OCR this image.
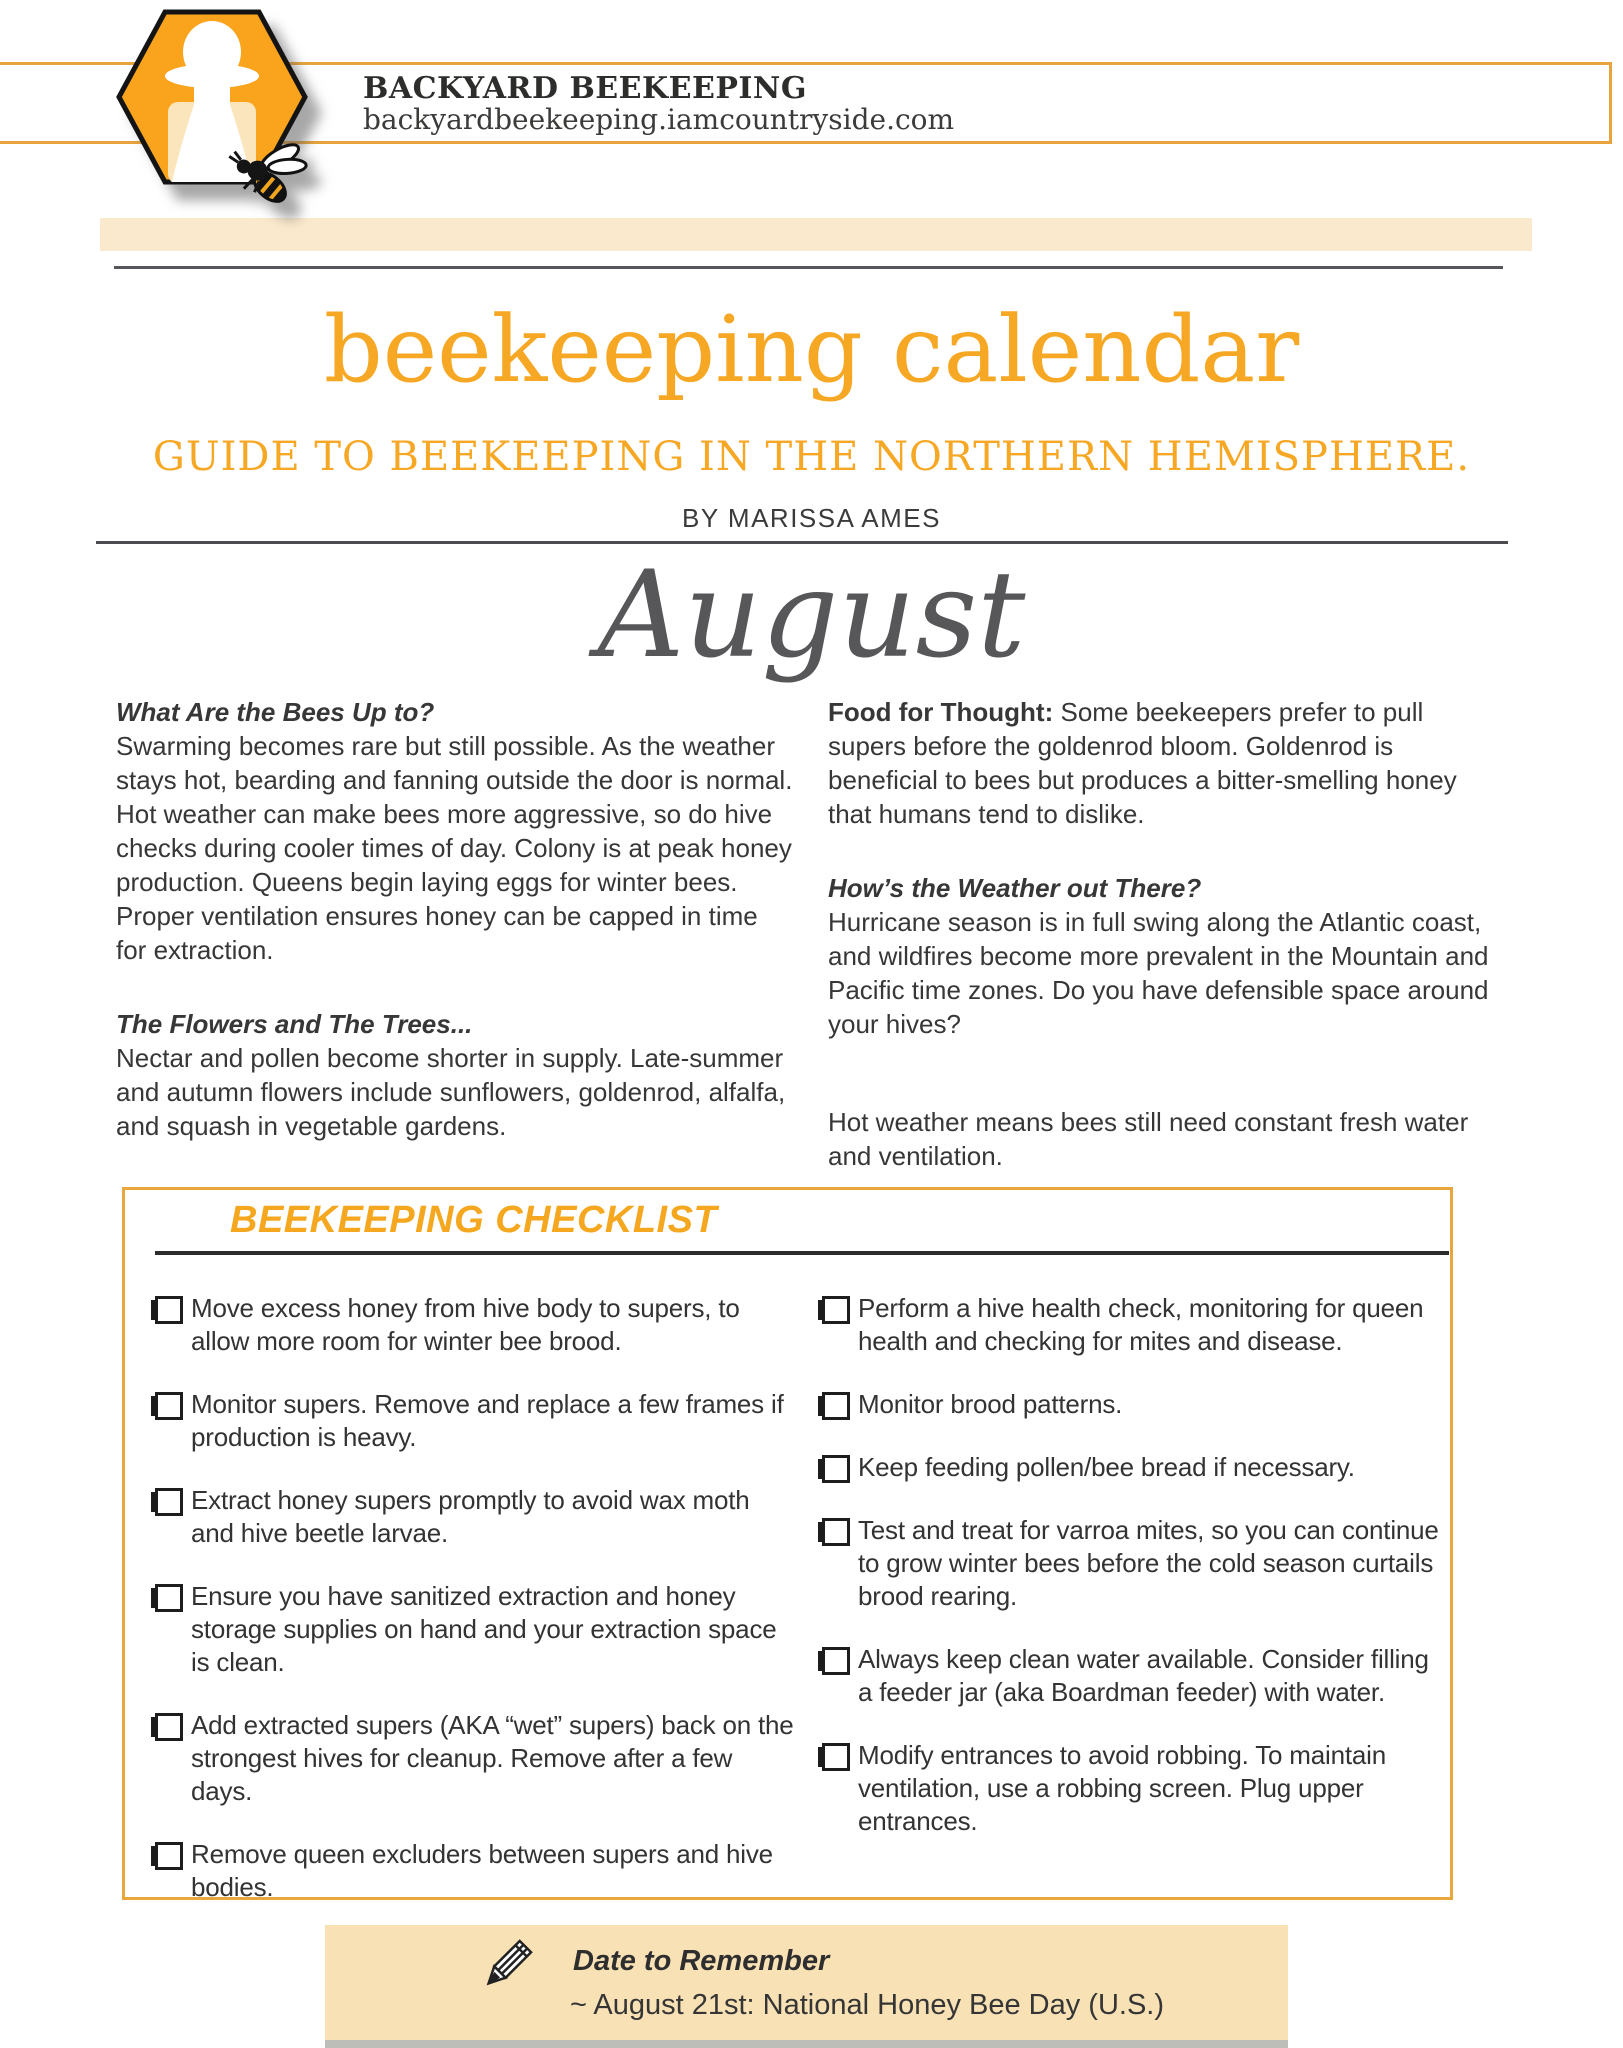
BACKYARD BEEKEEPING
backyardbeekeeping.iamcountryside.com
beekeeping calendar
GUIDE TO BEEKEEPING IN THE NORTHERN HEMISPHERE.
BY MARISSA AMES
August
What Are the Bees Up to?

Swarming becomes rare but still possible. As the weather stays hot, bearding and fanning outside the door is normal. Hot weather can make bees more aggressive, so do hive checks during cooler times of day. Colony is at peak honey production. Queens begin laying eggs for winter bees. Proper ventilation ensures honey can be capped in time for extraction.

The Flowers and The Trees...

Nectar and pollen become shorter in supply. Late-summer and autumn flowers include sunflowers, goldenrod, alfalfa, and squash in vegetable gardens.

Food for Thought: Some beekeepers prefer to pull supers before the goldenrod bloom. Goldenrod is beneficial to bees but produces a bitter-smelling honey that humans tend to dislike.

How’s the Weather out There?

Hurricane season is in full swing along the Atlantic coast, and wildfires become more prevalent in the Mountain and Pacific time zones. Do you have defensible space around your hives?

Hot weather means bees still need constant fresh water and ventilation.

BEEKEEPING CHECKLIST
Move excess honey from hive body to supers, to allow more room for winter bee brood.
Monitor supers. Remove and replace a few frames if production is heavy.
Extract honey supers promptly to avoid wax moth and hive beetle larvae.
Ensure you have sanitized extraction and honey storage supplies on hand and your extraction space is clean.
Add extracted supers (AKA “wet” supers) back on the strongest hives for cleanup. Remove after a few days.
Remove queen excluders between supers and hive bodies.
Perform a hive health check, monitoring for queen health and checking for mites and disease.
Monitor brood patterns.
Keep feeding pollen/bee bread if necessary.
Test and treat for varroa mites, so you can continue to grow winter bees before the cold season curtails brood rearing.
Always keep clean water available. Consider filling a feeder jar (aka Boardman feeder) with water.
Modify entrances to avoid robbing. To maintain ventilation, use a robbing screen. Plug upper entrances.
Date to Remember
~ August 21st: National Honey Bee Day (U.S.)
